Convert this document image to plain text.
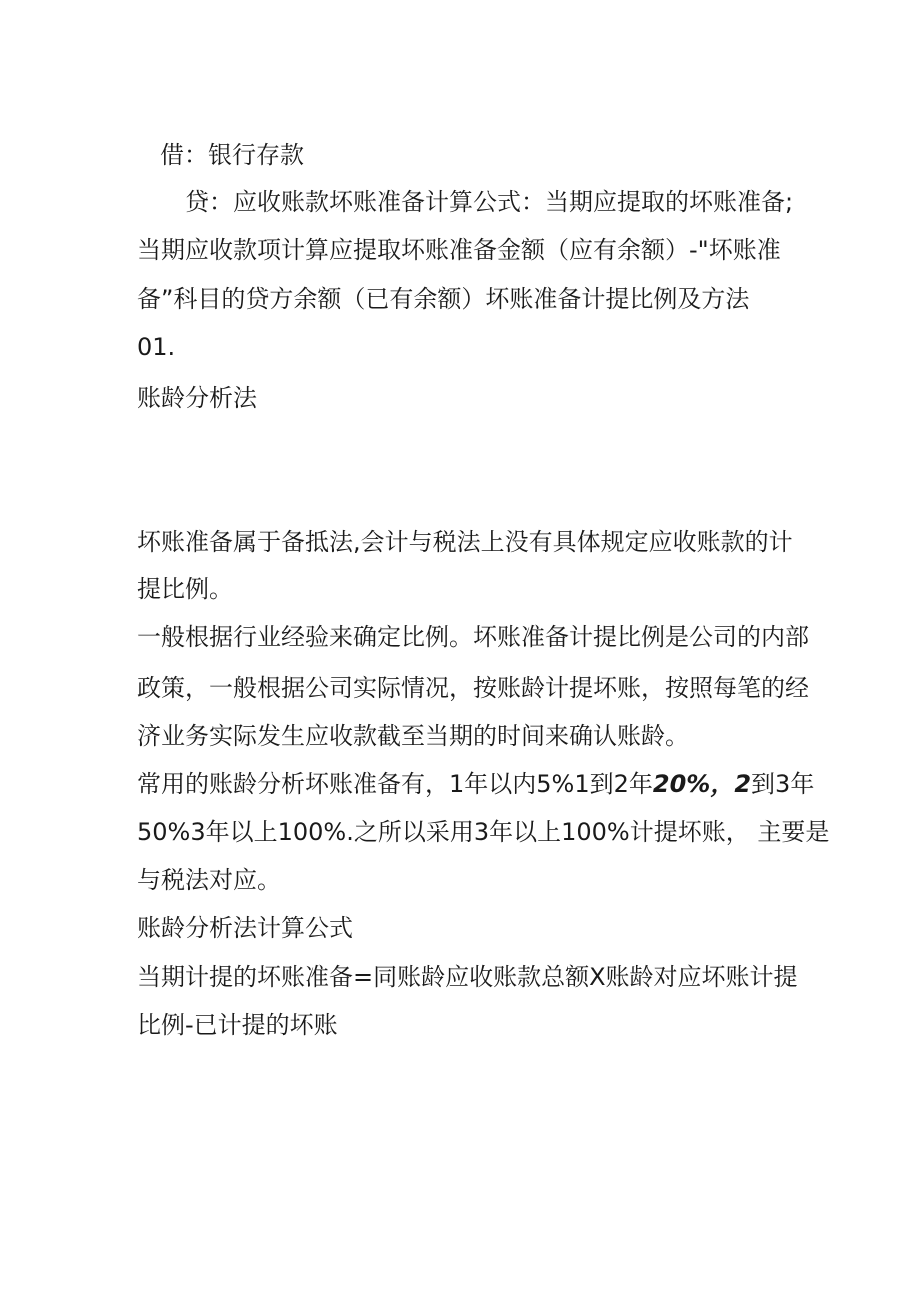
借：银行存款
贷：应收账款坏账准备计算公式：当期应提取的坏账准备;
当期应收款项计算应提取坏账准备金额（应有余额）-"坏账准
备”科目的贷方余额（已有余额）坏账准备计提比例及方法
01.
账龄分析法
坏账准备属于备抵法,会计与税法上没有具体规定应收账款的计
提比例。
一般根据行业经验来确定比例。坏账准备计提比例是公司的内部
政策，一般根据公司实际情况，按账龄计提坏账，按照每笔的经
济业务实际发生应收款截至当期的时间来确认账龄。
常用的账龄分析坏账准备有，1年以内5%1到2年20%，2到3年
50%3年以上100%.之所以采用3年以上100%计提坏账， 主要是
与税法对应。
账龄分析法计算公式
当期计提的坏账准备=同账龄应收账款总额X账龄对应坏账计提
比例-已计提的坏账
